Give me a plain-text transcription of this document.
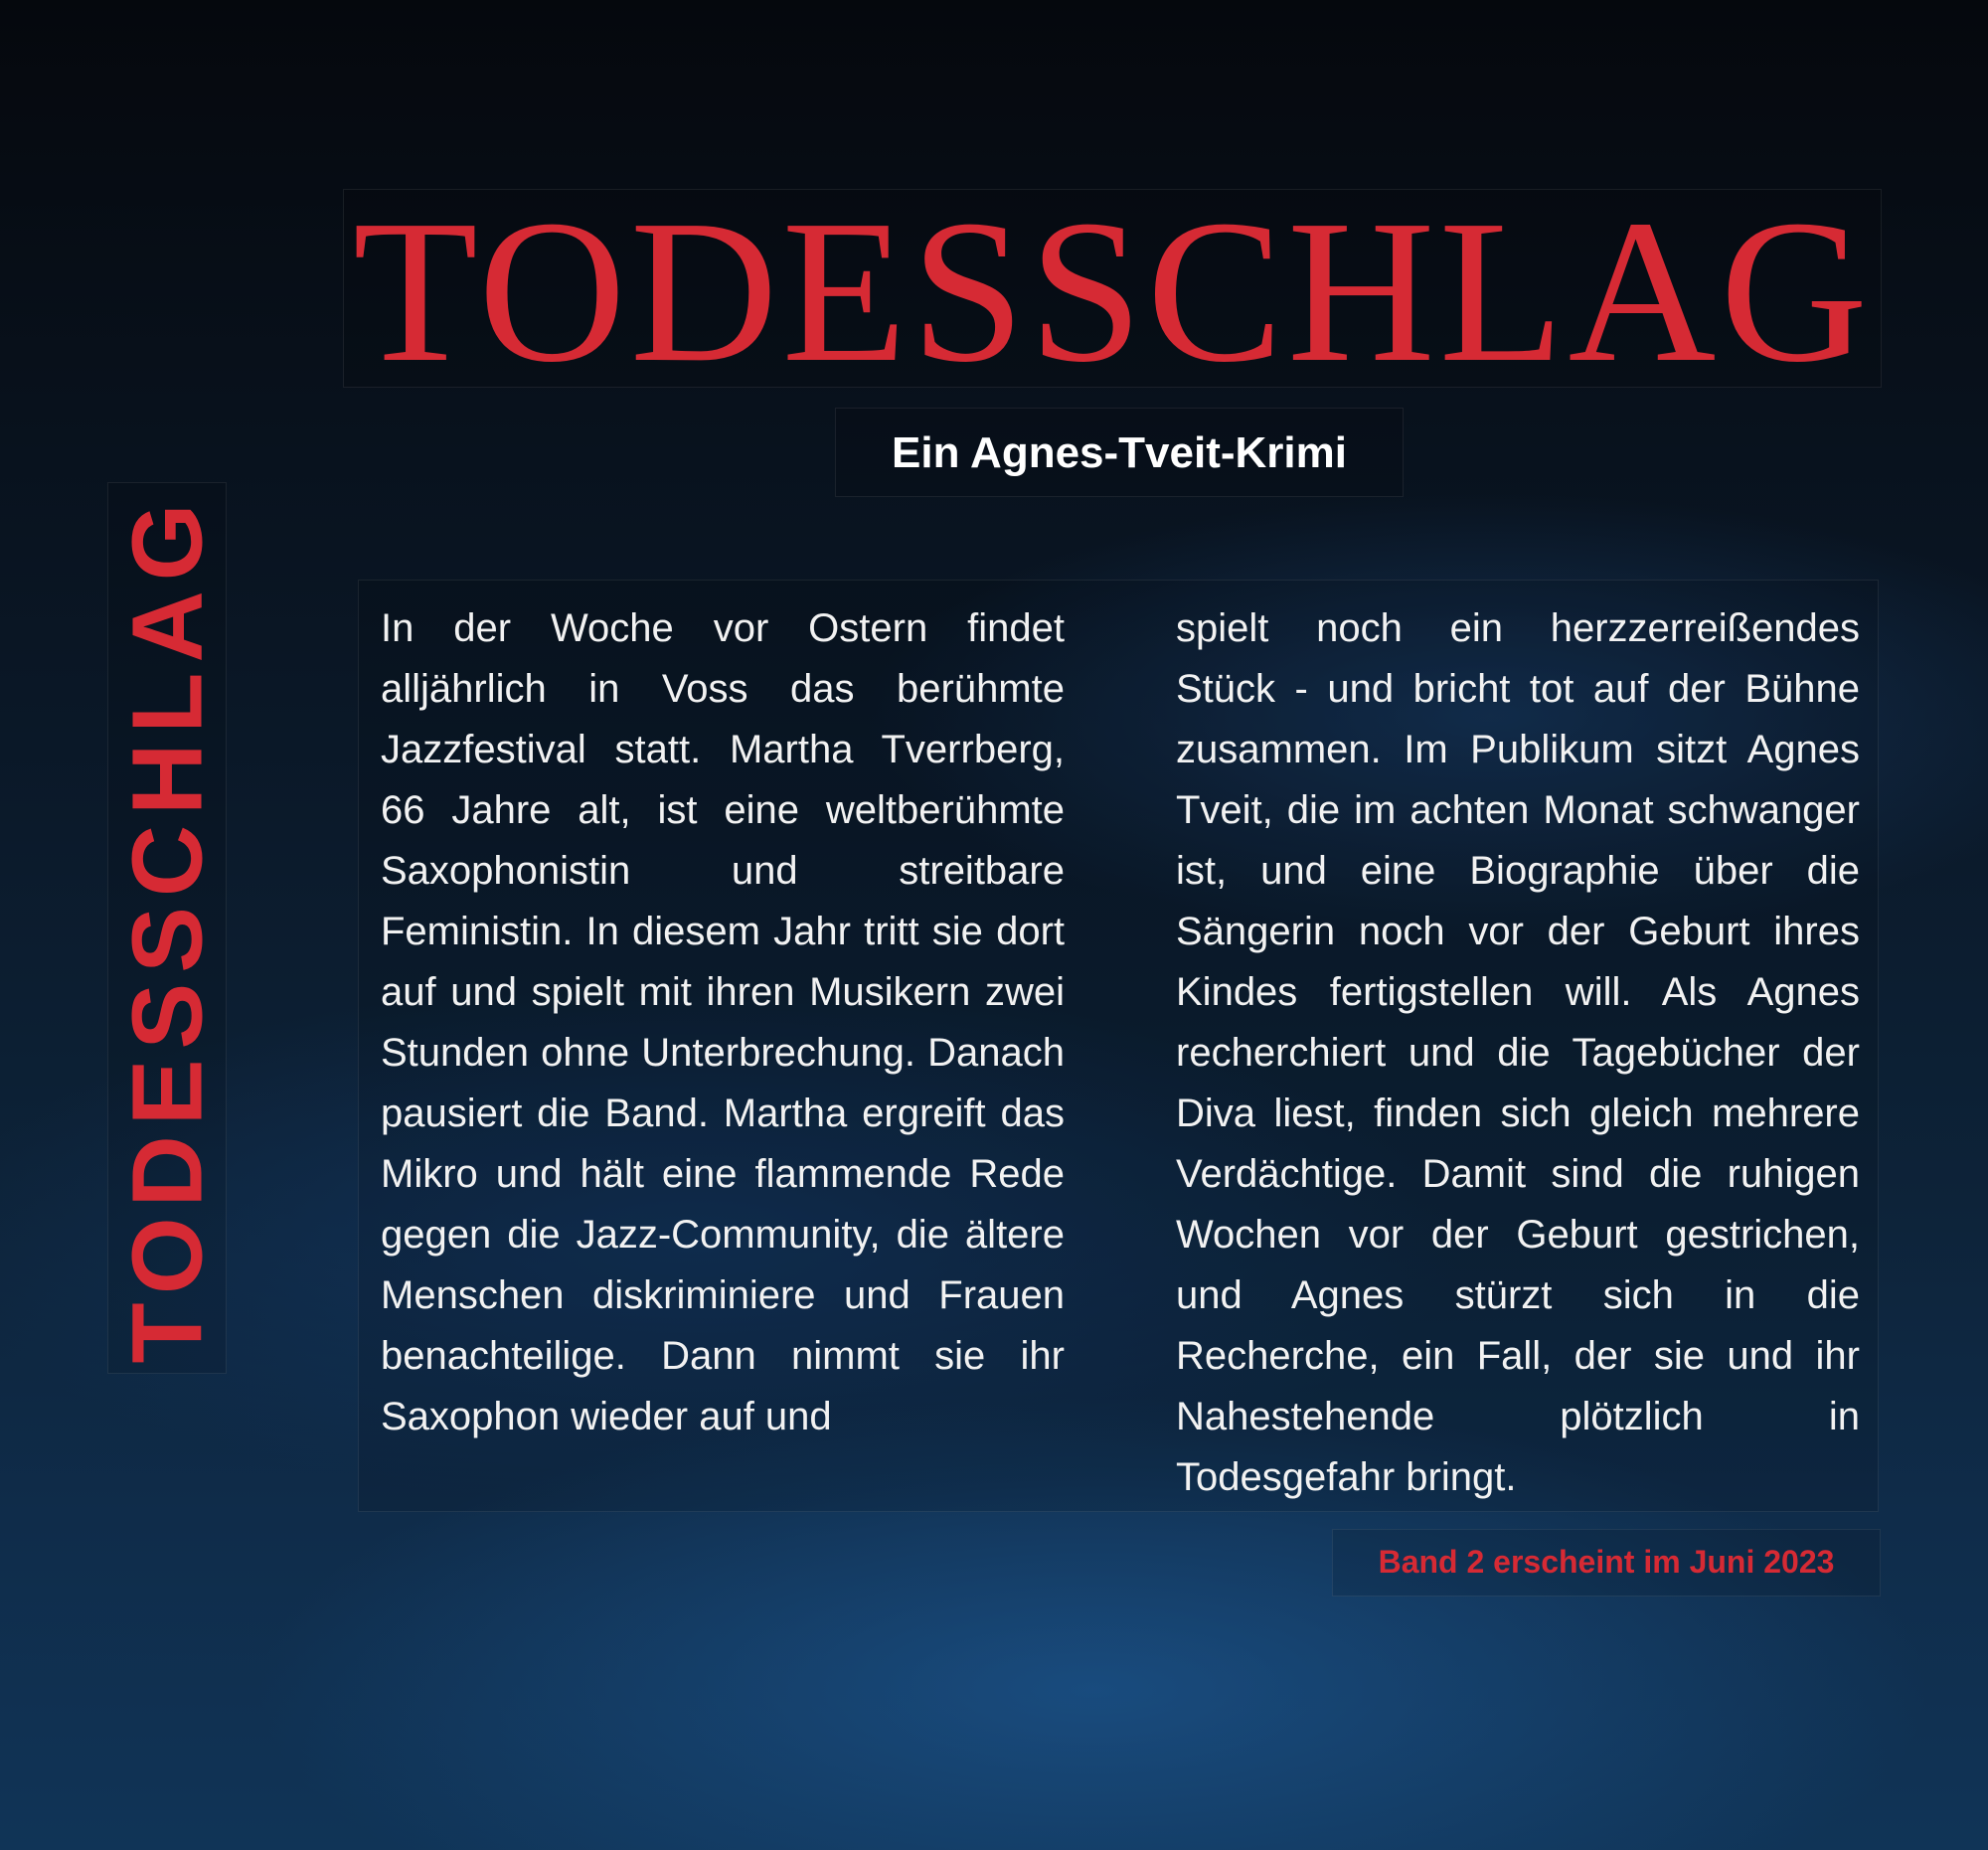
TODESSCHLAG
Ein Agnes-Tveit-Krimi
TODESSCHLAG	In der Woche vor Ostern findet alljährlich in Voss das berühmte Jazzfestival statt. Martha Tverrberg, 66 Jahre alt, ist eine weltberühmte Saxophonistin und streitbare Feministin. In diesem Jahr tritt sie dort auf und spielt mit ihren Musikern zwei Stunden ohne Unterbrechung. Danach pausiert die Band. Martha ergreift das Mikro und hält eine flammende Rede gegen die Jazz-Community, die ältere Menschen diskriminiere und Frauen benachteilige. Dann nimmt sie ihr Saxophon wieder auf und
spielt noch ein herzzerreißendes Stück - und bricht tot auf der Bühne zusammen. Im Publikum sitzt Agnes Tveit, die im achten Monat schwanger ist, und eine Biographie über die Sängerin noch vor der Geburt ihres Kindes fertigstellen will. Als Agnes recherchiert und die Tagebücher der Diva liest, finden sich gleich mehrere Verdächtige. Damit sind die ruhigen Wochen vor der Geburt gestrichen, und Agnes stürzt sich in die Recherche, ein Fall, der sie und ihr Nahestehende plötzlich in Todesgefahr bringt.
Band 2 erscheint im Juni 2023
